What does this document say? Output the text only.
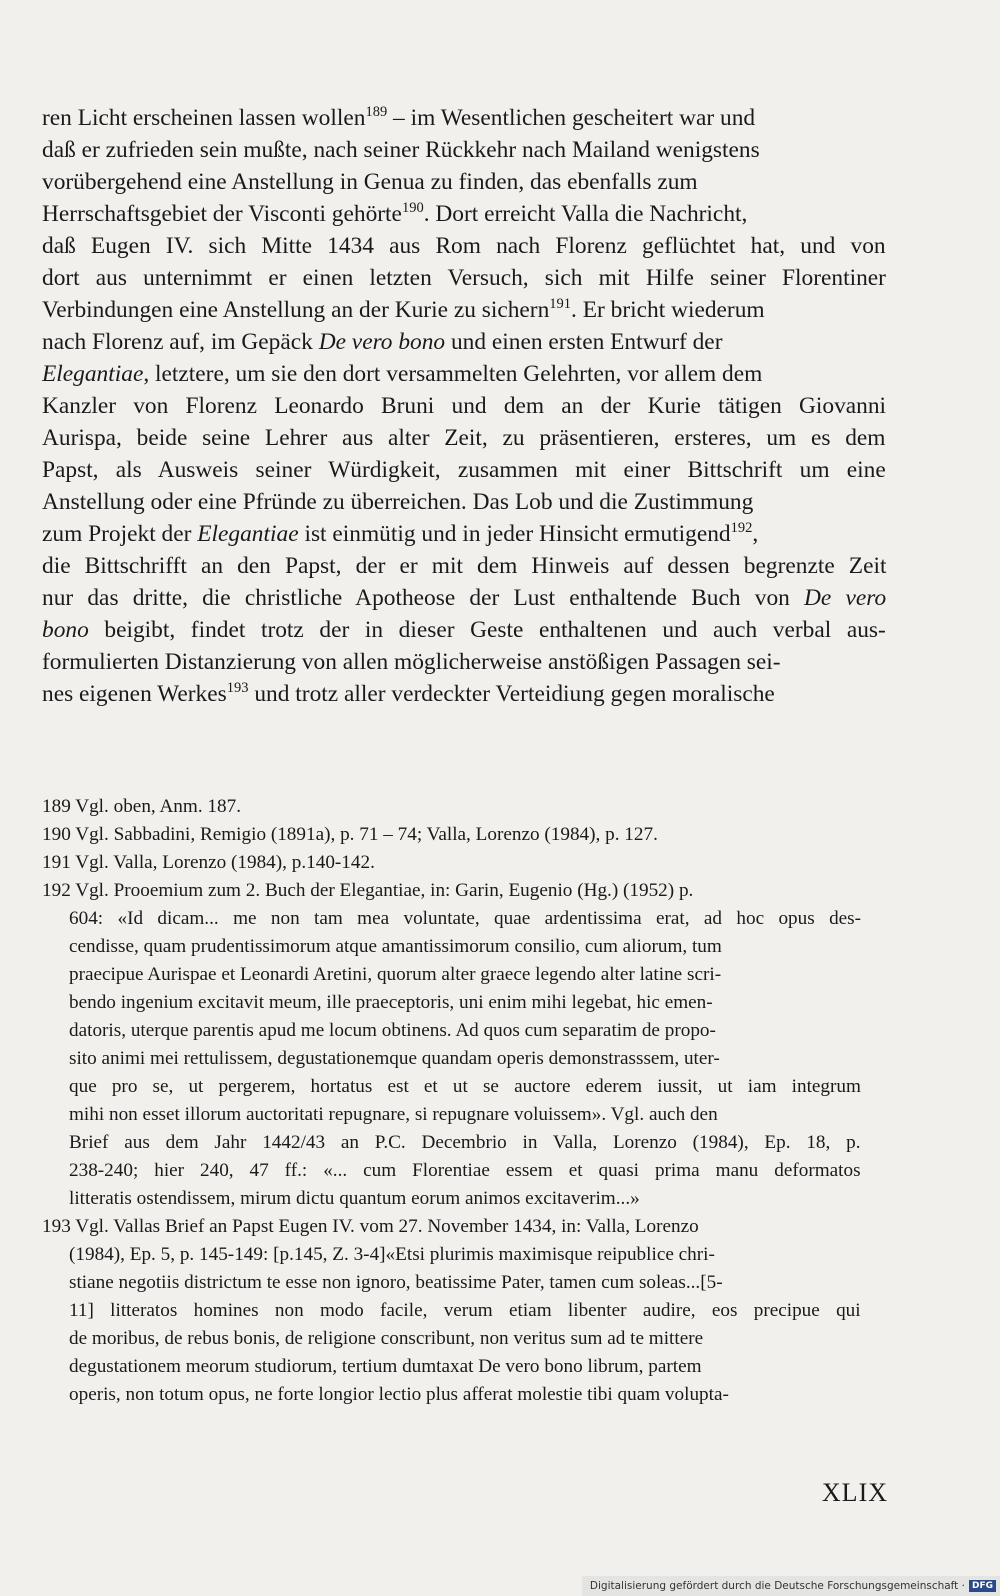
ren Licht erscheinen lassen wollen$^{189}$ – im Wesentlichen gescheitert war und
daß er zufrieden sein mußte, nach seiner Rückkehr nach Mailand wenigstens
vorübergehend eine Anstellung in Genua zu finden, das ebenfalls zum
Herrschaftsgebiet der Visconti gehörte$^{190}$. Dort erreicht Valla die Nachricht,
daß Eugen IV. sich Mitte 1434 aus Rom nach Florenz geflüchtet hat, und von
dort aus unternimmt er einen letzten Versuch, sich mit Hilfe seiner Florentiner
Verbindungen eine Anstellung an der Kurie zu sichern$^{191}$. Er bricht wiederum
nach Florenz auf, im Gepäck De vero bono und einen ersten Entwurf der
Elegantiae, letztere, um sie den dort versammelten Gelehrten, vor allem dem
Kanzler von Florenz Leonardo Bruni und dem an der Kurie tätigen Giovanni
Aurispa, beide seine Lehrer aus alter Zeit, zu präsentieren, ersteres, um es dem
Papst, als Ausweis seiner Würdigkeit, zusammen mit einer Bittschrift um eine
Anstellung oder eine Pfründe zu überreichen. Das Lob und die Zustimmung
zum Projekt der Elegantiae ist einmütig und in jeder Hinsicht ermutigend$^{192}$,
die Bittschrifft an den Papst, der er mit dem Hinweis auf dessen begrenzte Zeit
nur das dritte, die christliche Apotheose der Lust enthaltende Buch von De vero
bono beigibt, findet trotz der in dieser Geste enthaltenen und auch verbal aus-
formulierten Distanzierung von allen möglicherweise anstößigen Passagen sei-
nes eigenen Werkes$^{193}$ und trotz aller verdeckter Verteidiung gegen moralische
189 Vgl. oben, Anm. 187.
190 Vgl. Sabbadini, Remigio (1891a), p. 71 – 74; Valla, Lorenzo (1984), p. 127.
191 Vgl. Valla, Lorenzo (1984), p.140-142.
192 Vgl. Prooemium zum 2. Buch der Elegantiae, in: Garin, Eugenio (Hg.) (1952) p.
604: «Id dicam... me non tam mea voluntate, quae ardentissima erat, ad hoc opus des-
cendisse, quam prudentissimorum atque amantissimorum consilio, cum aliorum, tum
praecipue Aurispae et Leonardi Aretini, quorum alter graece legendo alter latine scri-
bendo ingenium excitavit meum, ille praeceptoris, uni enim mihi legebat, hic emen-
datoris, uterque parentis apud me locum obtinens. Ad quos cum separatim de propo-
sito animi mei rettulissem, degustationemque quandam operis demonstrasssem, uter-
que pro se, ut pergerem, hortatus est et ut se auctore ederem iussit, ut iam integrum
mihi non esset illorum auctoritati repugnare, si repugnare voluissem». Vgl. auch den
Brief aus dem Jahr 1442/43 an P.C. Decembrio in Valla, Lorenzo (1984), Ep. 18, p.
238-240; hier 240, 47 ff.: «... cum Florentiae essem et quasi prima manu deformatos
litteratis ostendissem, mirum dictu quantum eorum animos excitaverim...»
193 Vgl. Vallas Brief an Papst Eugen IV. vom 27. November 1434, in: Valla, Lorenzo
(1984), Ep. 5, p. 145-149: [p.145, Z. 3-4]«Etsi plurimis maximisque reipublice chri-
stiane negotiis districtum te esse non ignoro, beatissime Pater, tamen cum soleas...[5-
11] litteratos homines non modo facile, verum etiam libenter audire, eos precipue qui
de moribus, de rebus bonis, de religione conscribunt, non veritus sum ad te mittere
degustationem meorum studiorum, tertium dumtaxat De vero bono librum, partem
operis, non totum opus, ne forte longior lectio plus afferat molestie tibi quam volupta-
XLIX
Digitalisierung gefördert durch die Deutsche Forschungsgemeinschaft · DFG
